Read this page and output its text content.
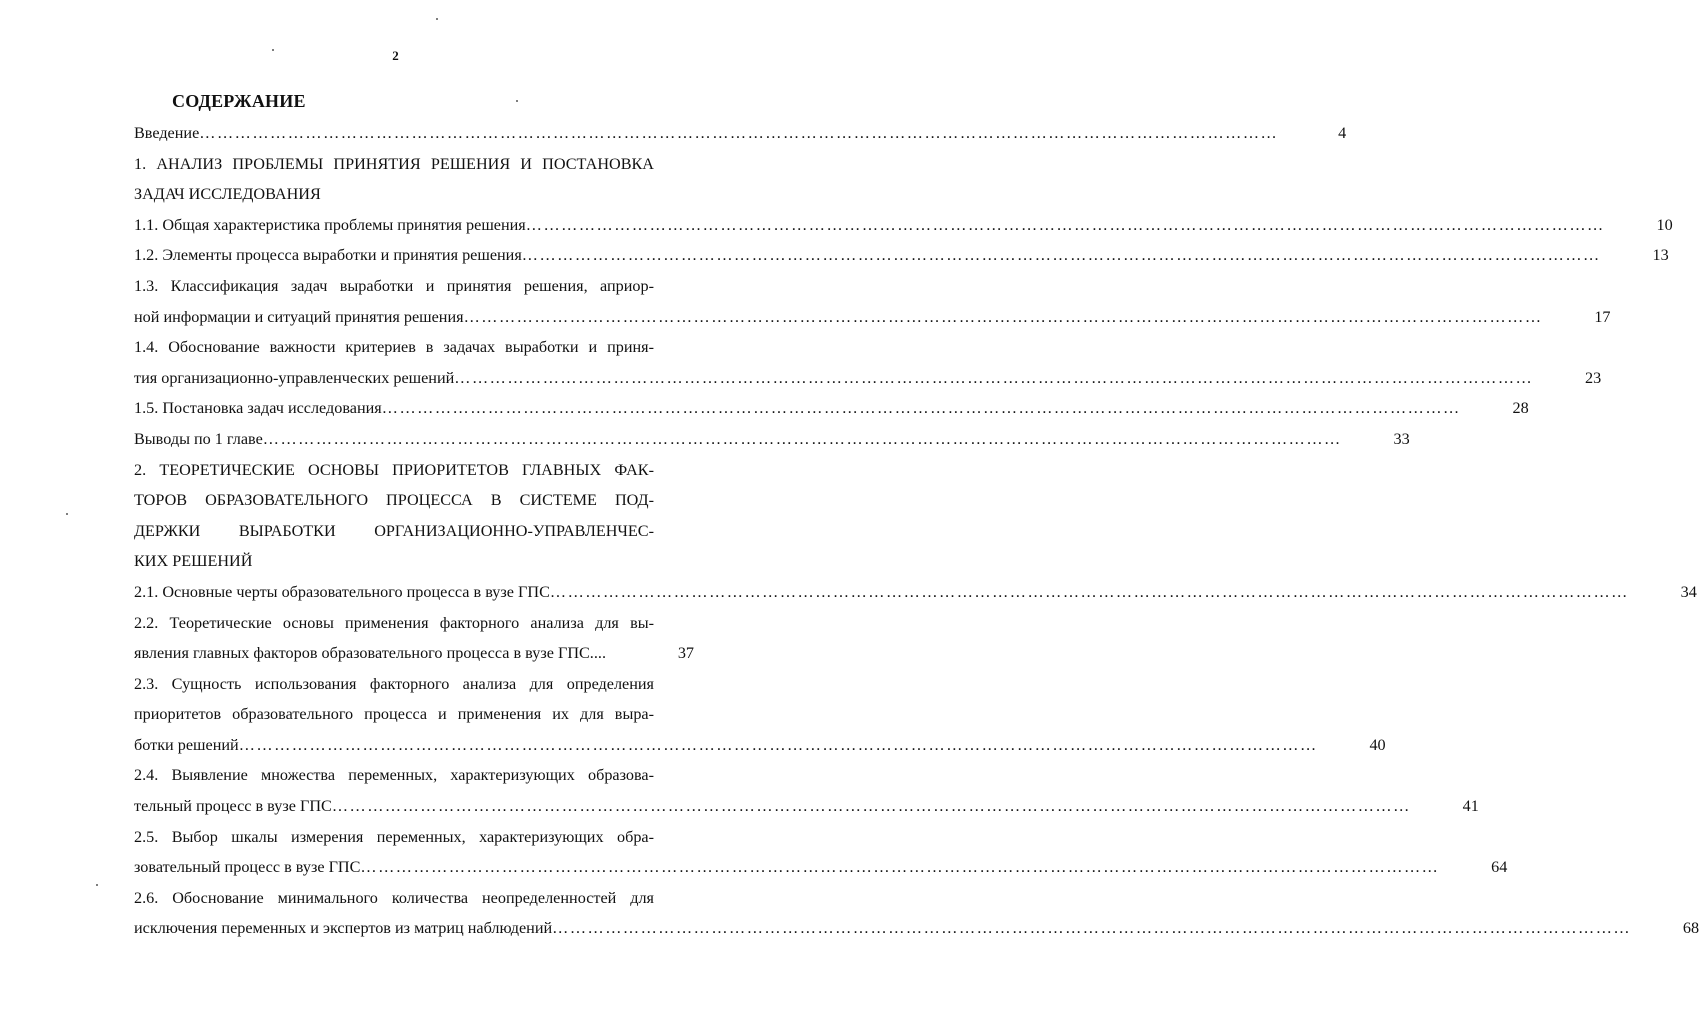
2
СОДЕРЖАНИЕ
Введение …………………………………………………………………………………………………………………………………………………………………	4
1. АНАЛИЗ ПРОБЛЕМЫ ПРИНЯТИЯ РЕШЕНИЯ И ПОСТАНОВКА
ЗАДАЧ ИССЛЕДОВАНИЯ
1.1. Общая характеристика проблемы принятия решения …………………………………………………………………………………………………………………………………………………………………	10
1.2. Элементы процесса выработки и принятия решения …………………………………………………………………………………………………………………………………………………………………	13
1.3. Классификация задач выработки и принятия решения, априор-
ной информации и ситуаций принятия решения …………………………………………………………………………………………………………………………………………………………………	17
1.4. Обоснование важности критериев в задачах выработки и приня-
тия организационно-управленческих решений …………………………………………………………………………………………………………………………………………………………………	23
1.5. Постановка задач исследования …………………………………………………………………………………………………………………………………………………………………	28
Выводы по 1 главе …………………………………………………………………………………………………………………………………………………………………	33
2. ТЕОРЕТИЧЕСКИЕ ОСНОВЫ ПРИОРИТЕТОВ ГЛАВНЫХ ФАК-
ТОРОВ ОБРАЗОВАТЕЛЬНОГО ПРОЦЕССА В СИСТЕМЕ ПОД-
ДЕРЖКИ ВЫРАБОТКИ ОРГАНИЗАЦИОННО-УПРАВЛЕНЧЕС-
КИХ РЕШЕНИЙ
2.1. Основные черты образовательного процесса в вузе ГПС …………………………………………………………………………………………………………………………………………………………………	34
2.2. Теоретические основы применения факторного анализа для вы-
явления главных факторов образовательного процесса в вузе ГПС....	37
2.3. Сущность использования факторного анализа для определения
приоритетов образовательного процесса и применения их для выра-
ботки решений …………………………………………………………………………………………………………………………………………………………………	40
2.4. Выявление множества переменных, характеризующих образова-
тельный процесс в вузе ГПС …………………………………………………………………………………………………………………………………………………………………	41
2.5. Выбор шкалы измерения переменных, характеризующих обра-
зовательный процесс в вузе ГПС …………………………………………………………………………………………………………………………………………………………………	64
2.6. Обоснование минимального количества неопределенностей для
исключения переменных и экспертов из матриц наблюдений …………………………………………………………………………………………………………………………………………………………………	68
